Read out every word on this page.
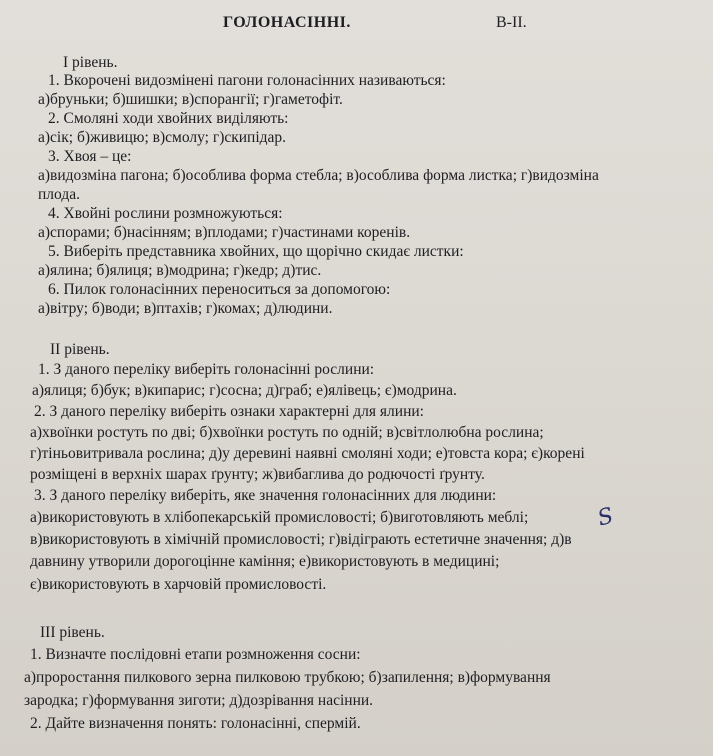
ГОЛОНАСІННІ.	В-ІІ.
І рівень.
1. Вкорочені видозмінені пагони голонасінних називаються:
а)бруньки; б)шишки; в)спорангії; г)гаметофіт.
2. Смоляні ходи хвойних виділяють:
а)сік; б)живицю; в)смолу; г)скипідар.
3. Хвоя – це:
а)видозміна пагона; б)особлива форма стебла; в)особлива форма листка; г)видозміна
плода.
4. Хвойні рослини розмножуються:
а)спорами; б)насінням; в)плодами; г)частинами коренів.
5. Виберіть представника хвойних, що щорічно скидає листки:
а)ялина; б)ялиця; в)модрина; г)кедр; д)тис.
6. Пилок голонасінних переноситься за допомогою:
а)вітру; б)води; в)птахів; г)комах; д)людини.
ІІ рівень.
1. З даного переліку виберіть голонасінні рослини:
а)ялиця; б)бук; в)кипарис; г)сосна; д)граб; е)ялівець; є)модрина.
2. З даного переліку виберіть ознаки характерні для ялини:
а)хвоїнки ростуть по дві; б)хвоїнки ростуть по одній; в)світлолюбна рослина;
г)тіньовитривала рослина; д)у деревині наявні смоляні ходи; е)товста кора; є)корені
розміщені в верхніх шарах ґрунту; ж)вибаглива до родючості ґрунту.
3. З даного переліку виберіть, яке значення голонасінних для людини:
а)використовують в хлібопекарській промисловості; б)виготовляють меблі;
в)використовують в хімічній промисловості; г)відіграють естетичне значення; д)в
давнину утворили дорогоцінне каміння; е)використовують в медицині;
є)використовують в харчовій промисловості.
S
ІІІ рівень.
1. Визначте послідовні етапи розмноження сосни:
а)проростання пилкового зерна пилковою трубкою; б)запилення; в)формування
зародка; г)формування зиготи; д)дозрівання насінни.
2. Дайте визначення понять: голонасінні, спермій.
